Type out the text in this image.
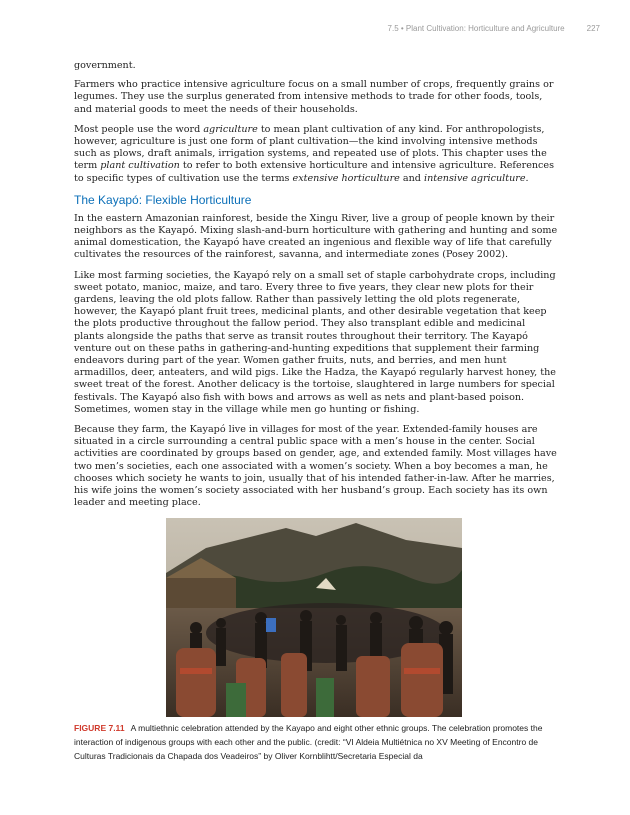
7.5 • Plant Cultivation: Horticulture and Agriculture	227

government.

Farmers who practice intensive agriculture focus on a small number of crops, frequently grains or legumes. They use the surplus generated from intensive methods to trade for other foods, tools, and material goods to meet the needs of their households.

Most people use the word agriculture to mean plant cultivation of any kind. For anthropologists, however, agriculture is just one form of plant cultivation—the kind involving intensive methods such as plows, draft animals, irrigation systems, and repeated use of plots. This chapter uses the term plant cultivation to refer to both extensive horticulture and intensive agriculture. References to specific types of cultivation use the terms extensive horticulture and intensive agriculture.

The Kayapó: Flexible Horticulture

In the eastern Amazonian rainforest, beside the Xingu River, live a group of people known by their neighbors as the Kayapó. Mixing slash-and-burn horticulture with gathering and hunting and some animal domestication, the Kayapó have created an ingenious and flexible way of life that carefully cultivates the resources of the rainforest, savanna, and intermediate zones (Posey 2002).

Like most farming societies, the Kayapó rely on a small set of staple carbohydrate crops, including sweet potato, manioc, maize, and taro. Every three to five years, they clear new plots for their gardens, leaving the old plots fallow. Rather than passively letting the old plots regenerate, however, the Kayapó plant fruit trees, medicinal plants, and other desirable vegetation that keep the plots productive throughout the fallow period. They also transplant edible and medicinal plants alongside the paths that serve as transit routes throughout their territory. The Kayapó venture out on these paths in gathering-and-hunting expeditions that supplement their farming endeavors during part of the year. Women gather fruits, nuts, and berries, and men hunt armadillos, deer, anteaters, and wild pigs. Like the Hadza, the Kayapó regularly harvest honey, the sweet treat of the forest. Another delicacy is the tortoise, slaughtered in large numbers for special festivals. The Kayapó also fish with bows and arrows as well as nets and plant-based poison. Sometimes, women stay in the village while men go hunting or fishing.

Because they farm, the Kayapó live in villages for most of the year. Extended-family houses are situated in a circle surrounding a central public space with a men’s house in the center. Social activities are coordinated by groups based on gender, age, and extended family. Most villages have two men’s societies, each one associated with a women’s society. When a boy becomes a man, he chooses which society he wants to join, usually that of his intended father-in-law. After he marries, his wife joins the women’s society associated with her husband’s group. Each society has its own leader and meeting place.

FIGURE 7.11 A multiethnic celebration attended by the Kayapo and eight other ethnic groups. The celebration promotes the interaction of indigenous groups with each other and the public. (credit: “VI Aldeia Multiétnica no XV Meeting of Encontro de Culturas Tradicionais da Chapada dos Veadeiros” by Oliver Kornblihtt/Secretaria Especial da
